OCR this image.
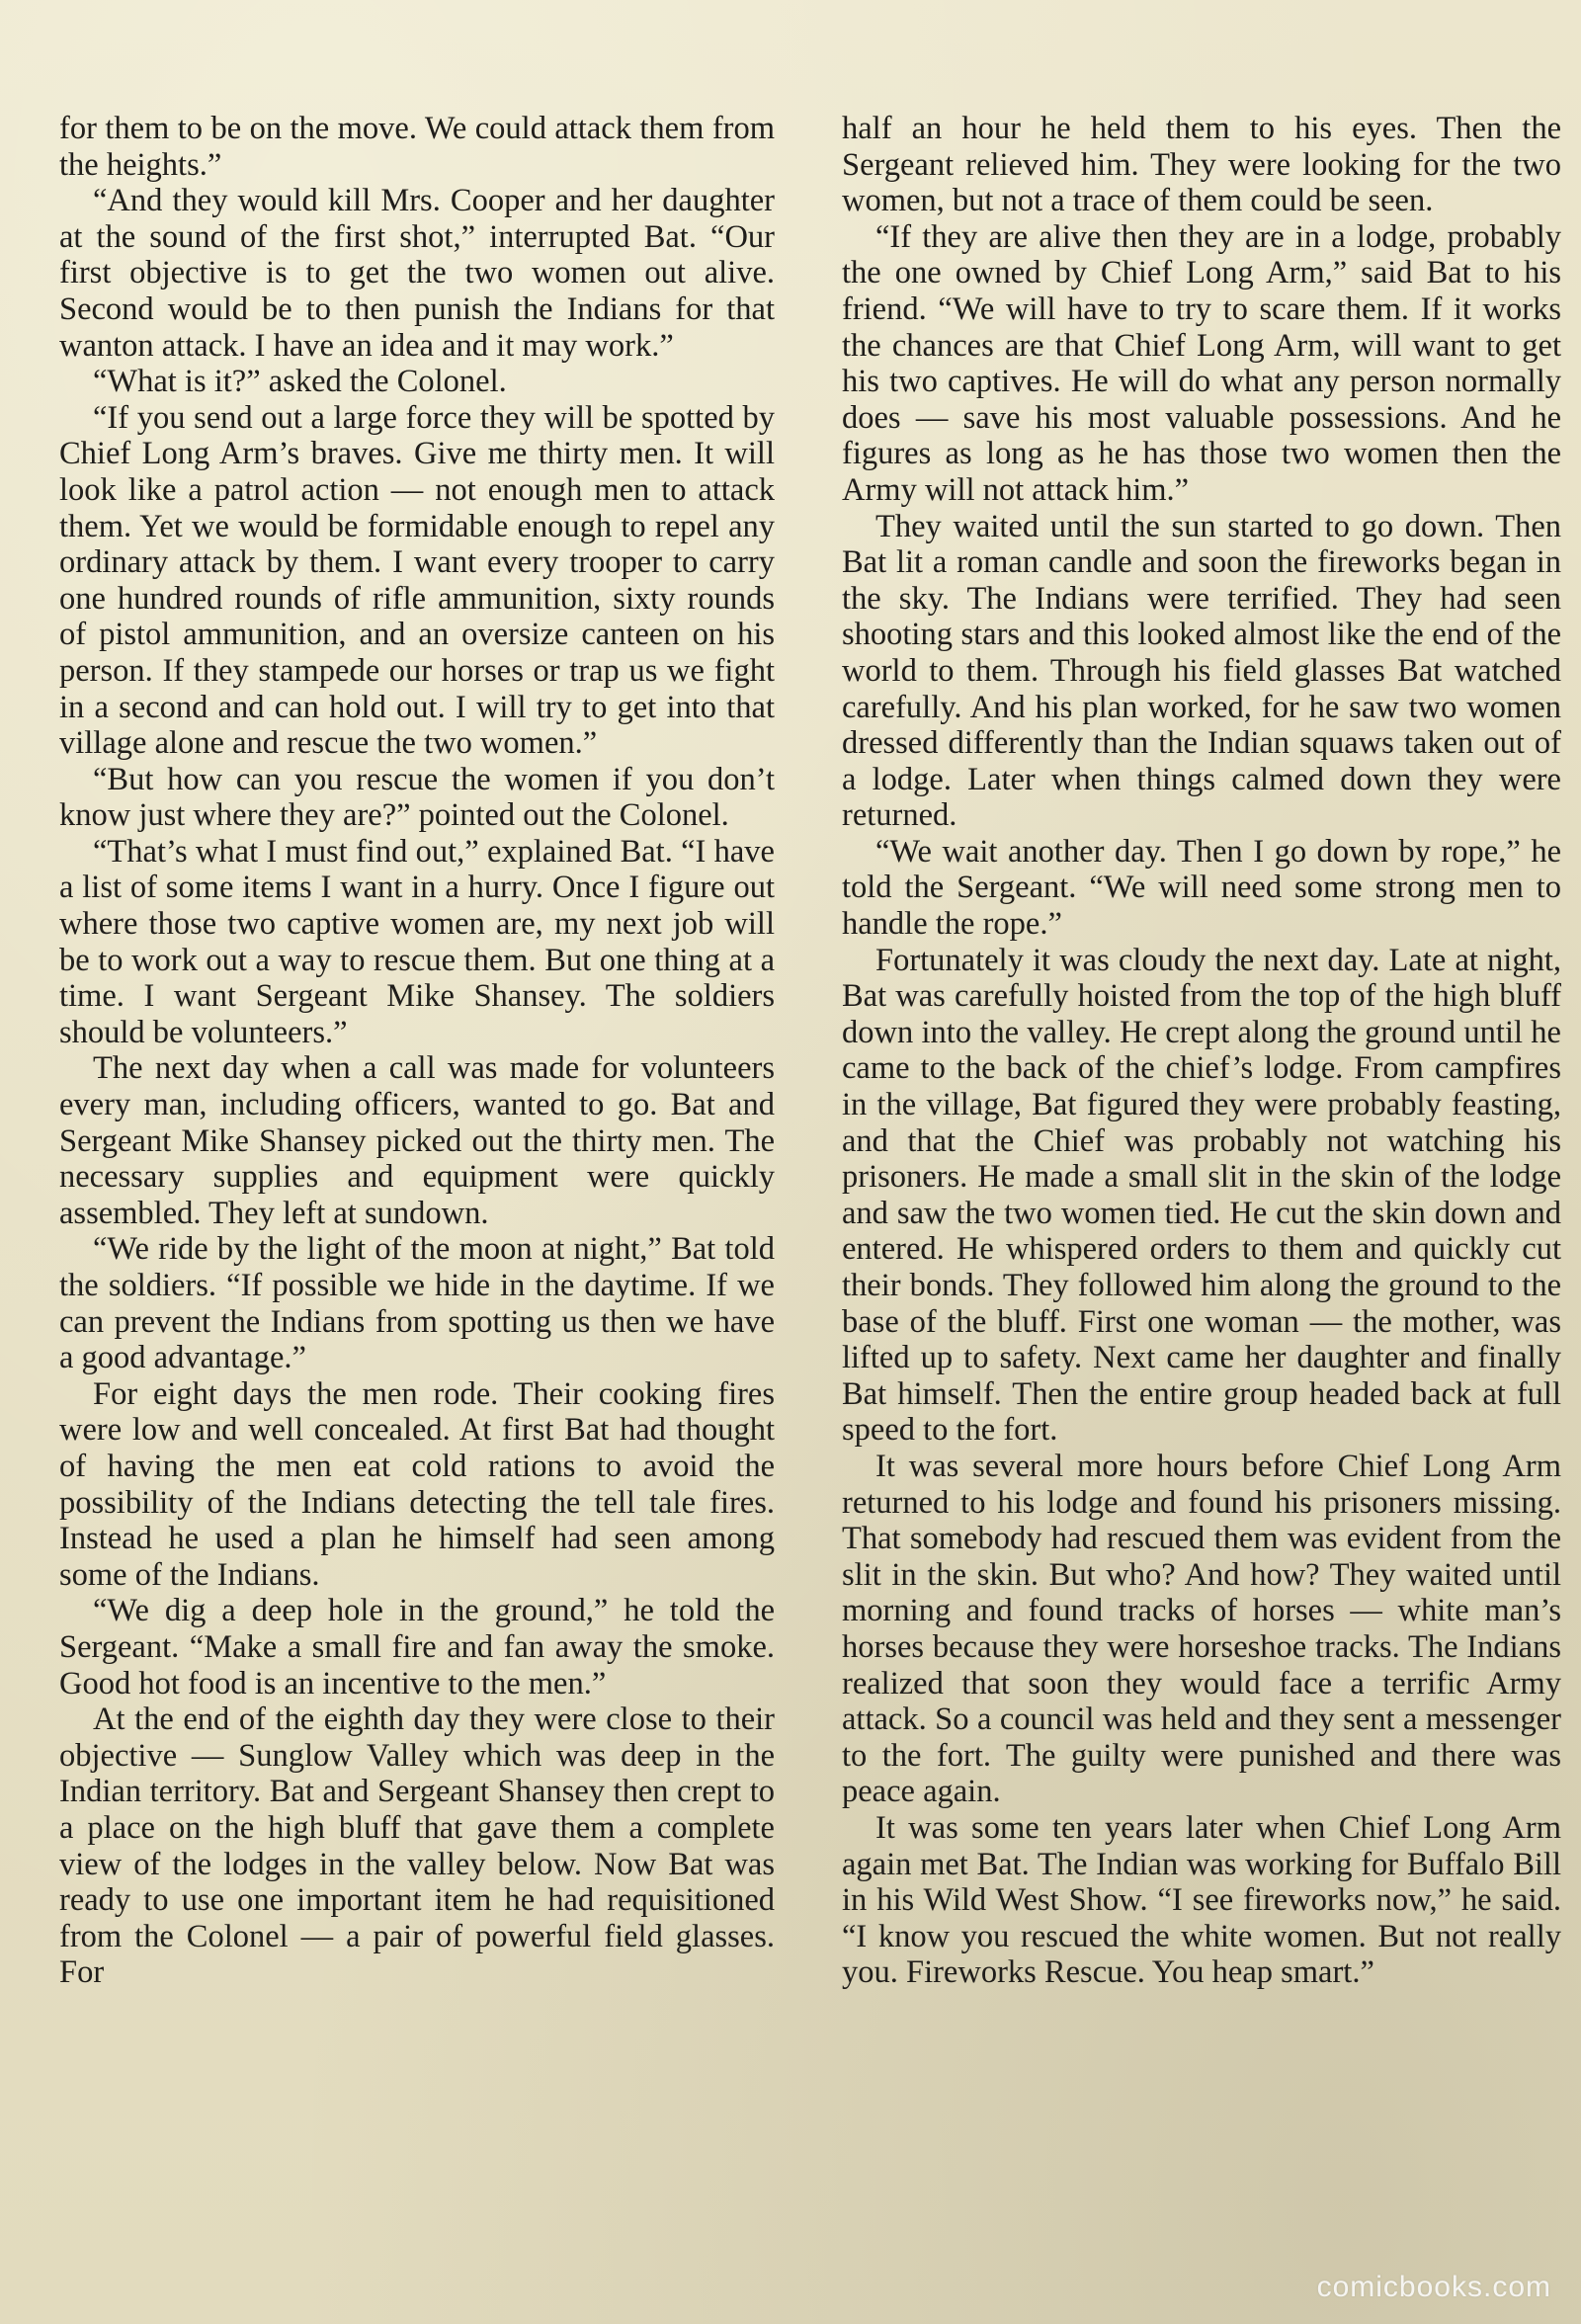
for them to be on the move. We could attack them from the heights.”

“And they would kill Mrs. Cooper and her daughter at the sound of the first shot,” interrupted Bat. “Our first objective is to get the two women out alive. Second would be to then punish the Indians for that wanton attack. I have an idea and it may work.”

“What is it?” asked the Colonel.

“If you send out a large force they will be spotted by Chief Long Arm’s braves. Give me thirty men. It will look like a patrol action — not enough men to attack them. Yet we would be formidable enough to repel any ordinary attack by them. I want every trooper to carry one hundred rounds of rifle ammunition, sixty rounds of pistol ammunition, and an oversize canteen on his person. If they stampede our horses or trap us we fight in a second and can hold out. I will try to get into that village alone and rescue the two women.”

“But how can you rescue the women if you don’t know just where they are?” pointed out the Colonel.

“That’s what I must find out,” explained Bat. “I have a list of some items I want in a hurry. Once I figure out where those two captive women are, my next job will be to work out a way to rescue them. But one thing at a time. I want Sergeant Mike Shansey. The soldiers should be volunteers.”

The next day when a call was made for volunteers every man, including officers, wanted to go. Bat and Sergeant Mike Shansey picked out the thirty men. The necessary supplies and equipment were quickly assembled. They left at sundown.

“We ride by the light of the moon at night,” Bat told the soldiers. “If possible we hide in the daytime. If we can prevent the Indians from spotting us then we have a good advantage.”

For eight days the men rode. Their cooking fires were low and well concealed. At first Bat had thought of having the men eat cold rations to avoid the possibility of the Indians detecting the tell tale fires. Instead he used a plan he himself had seen among some of the Indians.

“We dig a deep hole in the ground,” he told the Sergeant. “Make a small fire and fan away the smoke. Good hot food is an incentive to the men.”

At the end of the eighth day they were close to their objective — Sunglow Valley which was deep in the Indian territory. Bat and Sergeant Shansey then crept to a place on the high bluff that gave them a complete view of the lodges in the valley below. Now Bat was ready to use one important item he had requisitioned from the Colonel — a pair of powerful field glasses. For

half an hour he held them to his eyes. Then the Sergeant relieved him. They were looking for the two women, but not a trace of them could be seen.

“If they are alive then they are in a lodge, probably the one owned by Chief Long Arm,” said Bat to his friend. “We will have to try to scare them. If it works the chances are that Chief Long Arm, will want to get his two captives. He will do what any person normally does — save his most valuable possessions. And he figures as long as he has those two women then the Army will not attack him.”

They waited until the sun started to go down. Then Bat lit a roman candle and soon the fireworks began in the sky. The Indians were terrified. They had seen shooting stars and this looked almost like the end of the world to them. Through his field glasses Bat watched carefully. And his plan worked, for he saw two women dressed differently than the Indian squaws taken out of a lodge. Later when things calmed down they were returned.

“We wait another day. Then I go down by rope,” he told the Sergeant. “We will need some strong men to handle the rope.”

Fortunately it was cloudy the next day. Late at night, Bat was carefully hoisted from the top of the high bluff down into the valley. He crept along the ground until he came to the back of the chief’s lodge. From campfires in the village, Bat figured they were probably feasting, and that the Chief was probably not watching his prisoners. He made a small slit in the skin of the lodge and saw the two women tied. He cut the skin down and entered. He whispered orders to them and quickly cut their bonds. They followed him along the ground to the base of the bluff. First one woman — the mother, was lifted up to safety. Next came her daughter and finally Bat himself. Then the entire group headed back at full speed to the fort.

It was several more hours before Chief Long Arm returned to his lodge and found his prisoners missing. That somebody had rescued them was evident from the slit in the skin. But who? And how? They waited until morning and found tracks of horses — white man’s horses because they were horseshoe tracks. The Indians realized that soon they would face a terrific Army attack. So a council was held and they sent a messenger to the fort. The guilty were punished and there was peace again.

It was some ten years later when Chief Long Arm again met Bat. The Indian was working for Buffalo Bill in his Wild West Show. “I see fireworks now,” he said. “I know you rescued the white women. But not really you. Fireworks Rescue. You heap smart.”

comicbooks.com
